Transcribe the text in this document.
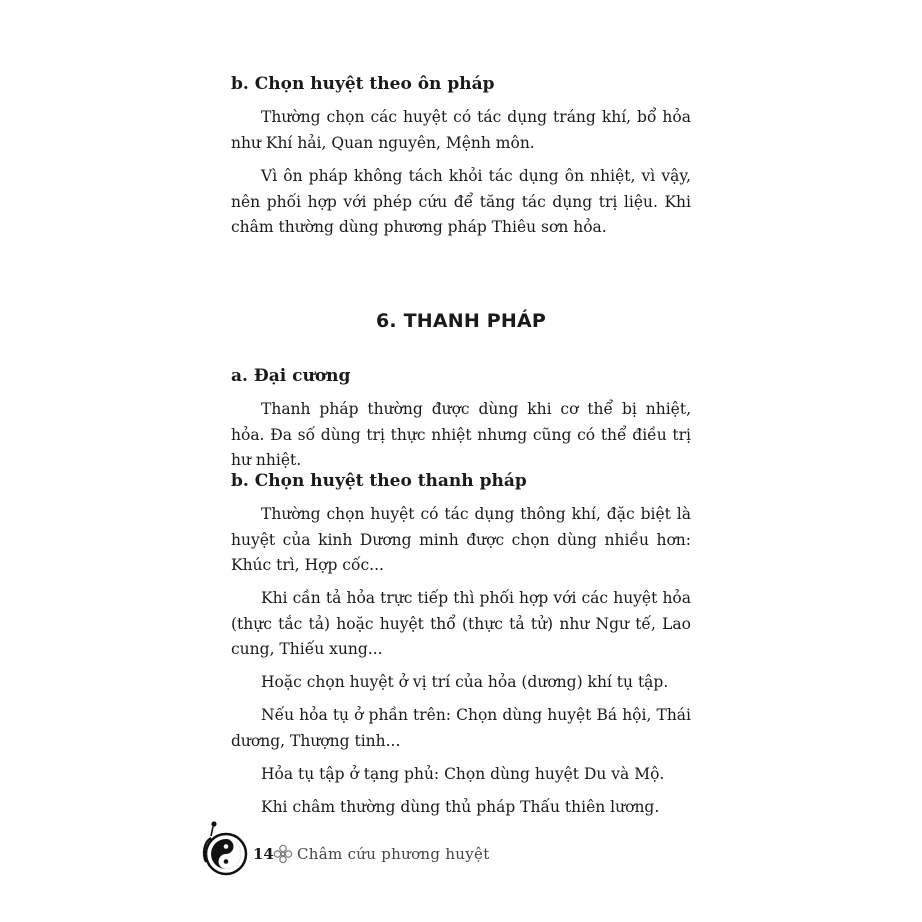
b. Chọn huyệt theo ôn pháp

Thường chọn các huyệt có tác dụng tráng khí, bổ hỏa như Khí hải, Quan nguyên, Mệnh môn.

Vì ôn pháp không tách khỏi tác dụng ôn nhiệt, vì vậy, nên phối hợp với phép cứu để tăng tác dụng trị liệu. Khi châm thường dùng phương pháp Thiêu sơn hỏa.

6. THANH PHÁP
a. Đại cương

Thanh pháp thường được dùng khi cơ thể bị nhiệt, hỏa. Đa số dùng trị thực nhiệt nhưng cũng có thể điều trị hư nhiệt.

b. Chọn huyệt theo thanh pháp

Thường chọn huyệt có tác dụng thông khí, đặc biệt là huyệt của kinh Dương minh được chọn dùng nhiều hơn: Khúc trì, Hợp cốc...

Khi cần tả hỏa trực tiếp thì phối hợp với các huyệt hỏa (thực tắc tả) hoặc huyệt thổ (thực tả tử) như Ngư tế, Lao cung, Thiếu xung...

Hoặc chọn huyệt ở vị trí của hỏa (dương) khí tụ tập.

Nếu hỏa tụ ở phần trên: Chọn dùng huyệt Bá hội, Thái dương, Thượng tinh...

Hỏa tụ tập ở tạng phủ: Chọn dùng huyệt Du và Mộ.

Khi châm thường dùng thủ pháp Thấu thiên lương.

14 Châm cứu phương huyệt
